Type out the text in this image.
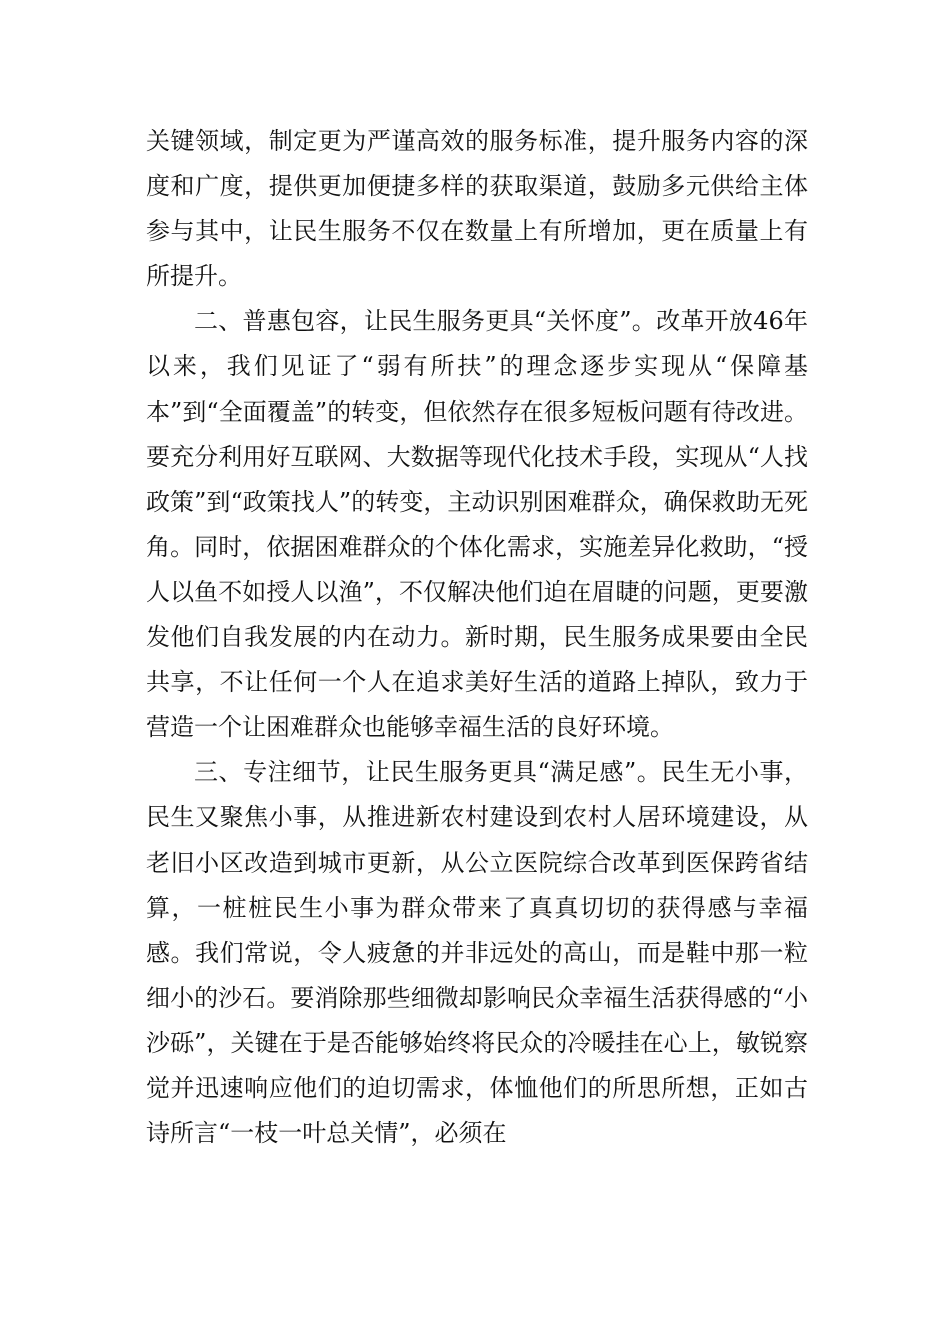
关键领域，制定更为严谨高效的服务标准，提升服务内容的深度和广度，提供更加便捷多样的获取渠道，鼓励多元供给主体参与其中，让民生服务不仅在数量上有所增加，更在质量上有所提升。

二、普惠包容，让民生服务更具“关怀度”。改革开放46年以来，我们见证了“弱有所扶”的理念逐步实现从“保障基本”到“全面覆盖”的转变，但依然存在很多短板问题有待改进。要充分利用好互联网、大数据等现代化技术手段，实现从“人找政策”到“政策找人”的转变，主动识别困难群众，确保救助无死角。同时，依据困难群众的个体化需求，实施差异化救助，“授人以鱼不如授人以渔”，不仅解决他们迫在眉睫的问题，更要激发他们自我发展的内在动力。新时期，民生服务成果要由全民共享，不让任何一个人在追求美好生活的道路上掉队，致力于营造一个让困难群众也能够幸福生活的良好环境。

三、专注细节，让民生服务更具“满足感”。民生无小事，民生又聚焦小事，从推进新农村建设到农村人居环境建设，从老旧小区改造到城市更新，从公立医院综合改革到医保跨省结算，一桩桩民生小事为群众带来了真真切切的获得感与幸福感。我们常说，令人疲惫的并非远处的高山，而是鞋中那一粒细小的沙石。要消除那些细微却影响民众幸福生活获得感的“小沙砾”，关键在于是否能够始终将民众的冷暖挂在心上，敏锐察觉并迅速响应他们的迫切需求，体恤他们的所思所想，正如古诗所言“一枝一叶总关情”，必须在
